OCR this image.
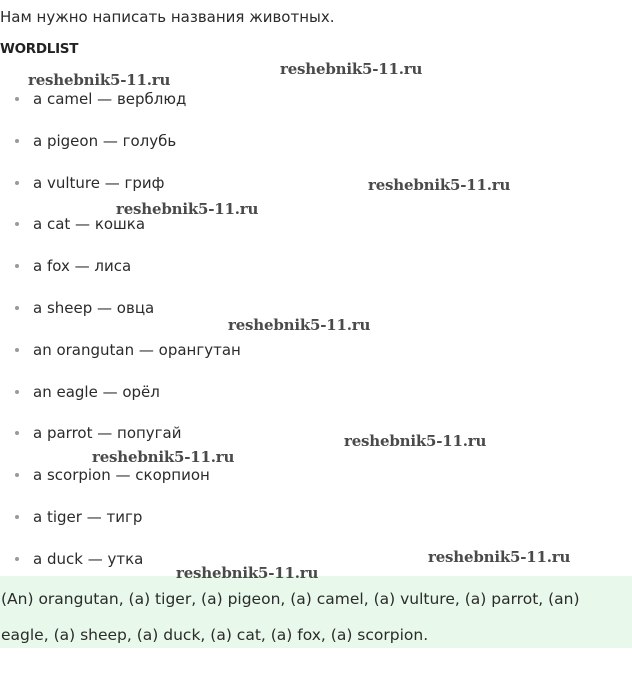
Нам нужно написать названия животных.
WORDLIST
a camel — верблюд
a pigeon — голубь
a vulture — гриф
a cat — кошка
a fox — лиса
a sheep — овца
an orangutan — орангутан
an eagle — орёл
a parrot — попугай
a scorpion — скорпион
a tiger — тигр
a duck — утка
(An) orangutan, (a) tiger, (a) pigeon, (a) camel, (a) vulture, (a) parrot, (an) eagle, (a) sheep, (a) duck, (a) cat, (a) fox, (a) scorpion.
reshebnik5-11.ru
reshebnik5-11.ru
reshebnik5-11.ru
reshebnik5-11.ru
reshebnik5-11.ru
reshebnik5-11.ru
reshebnik5-11.ru
reshebnik5-11.ru
reshebnik5-11.ru
